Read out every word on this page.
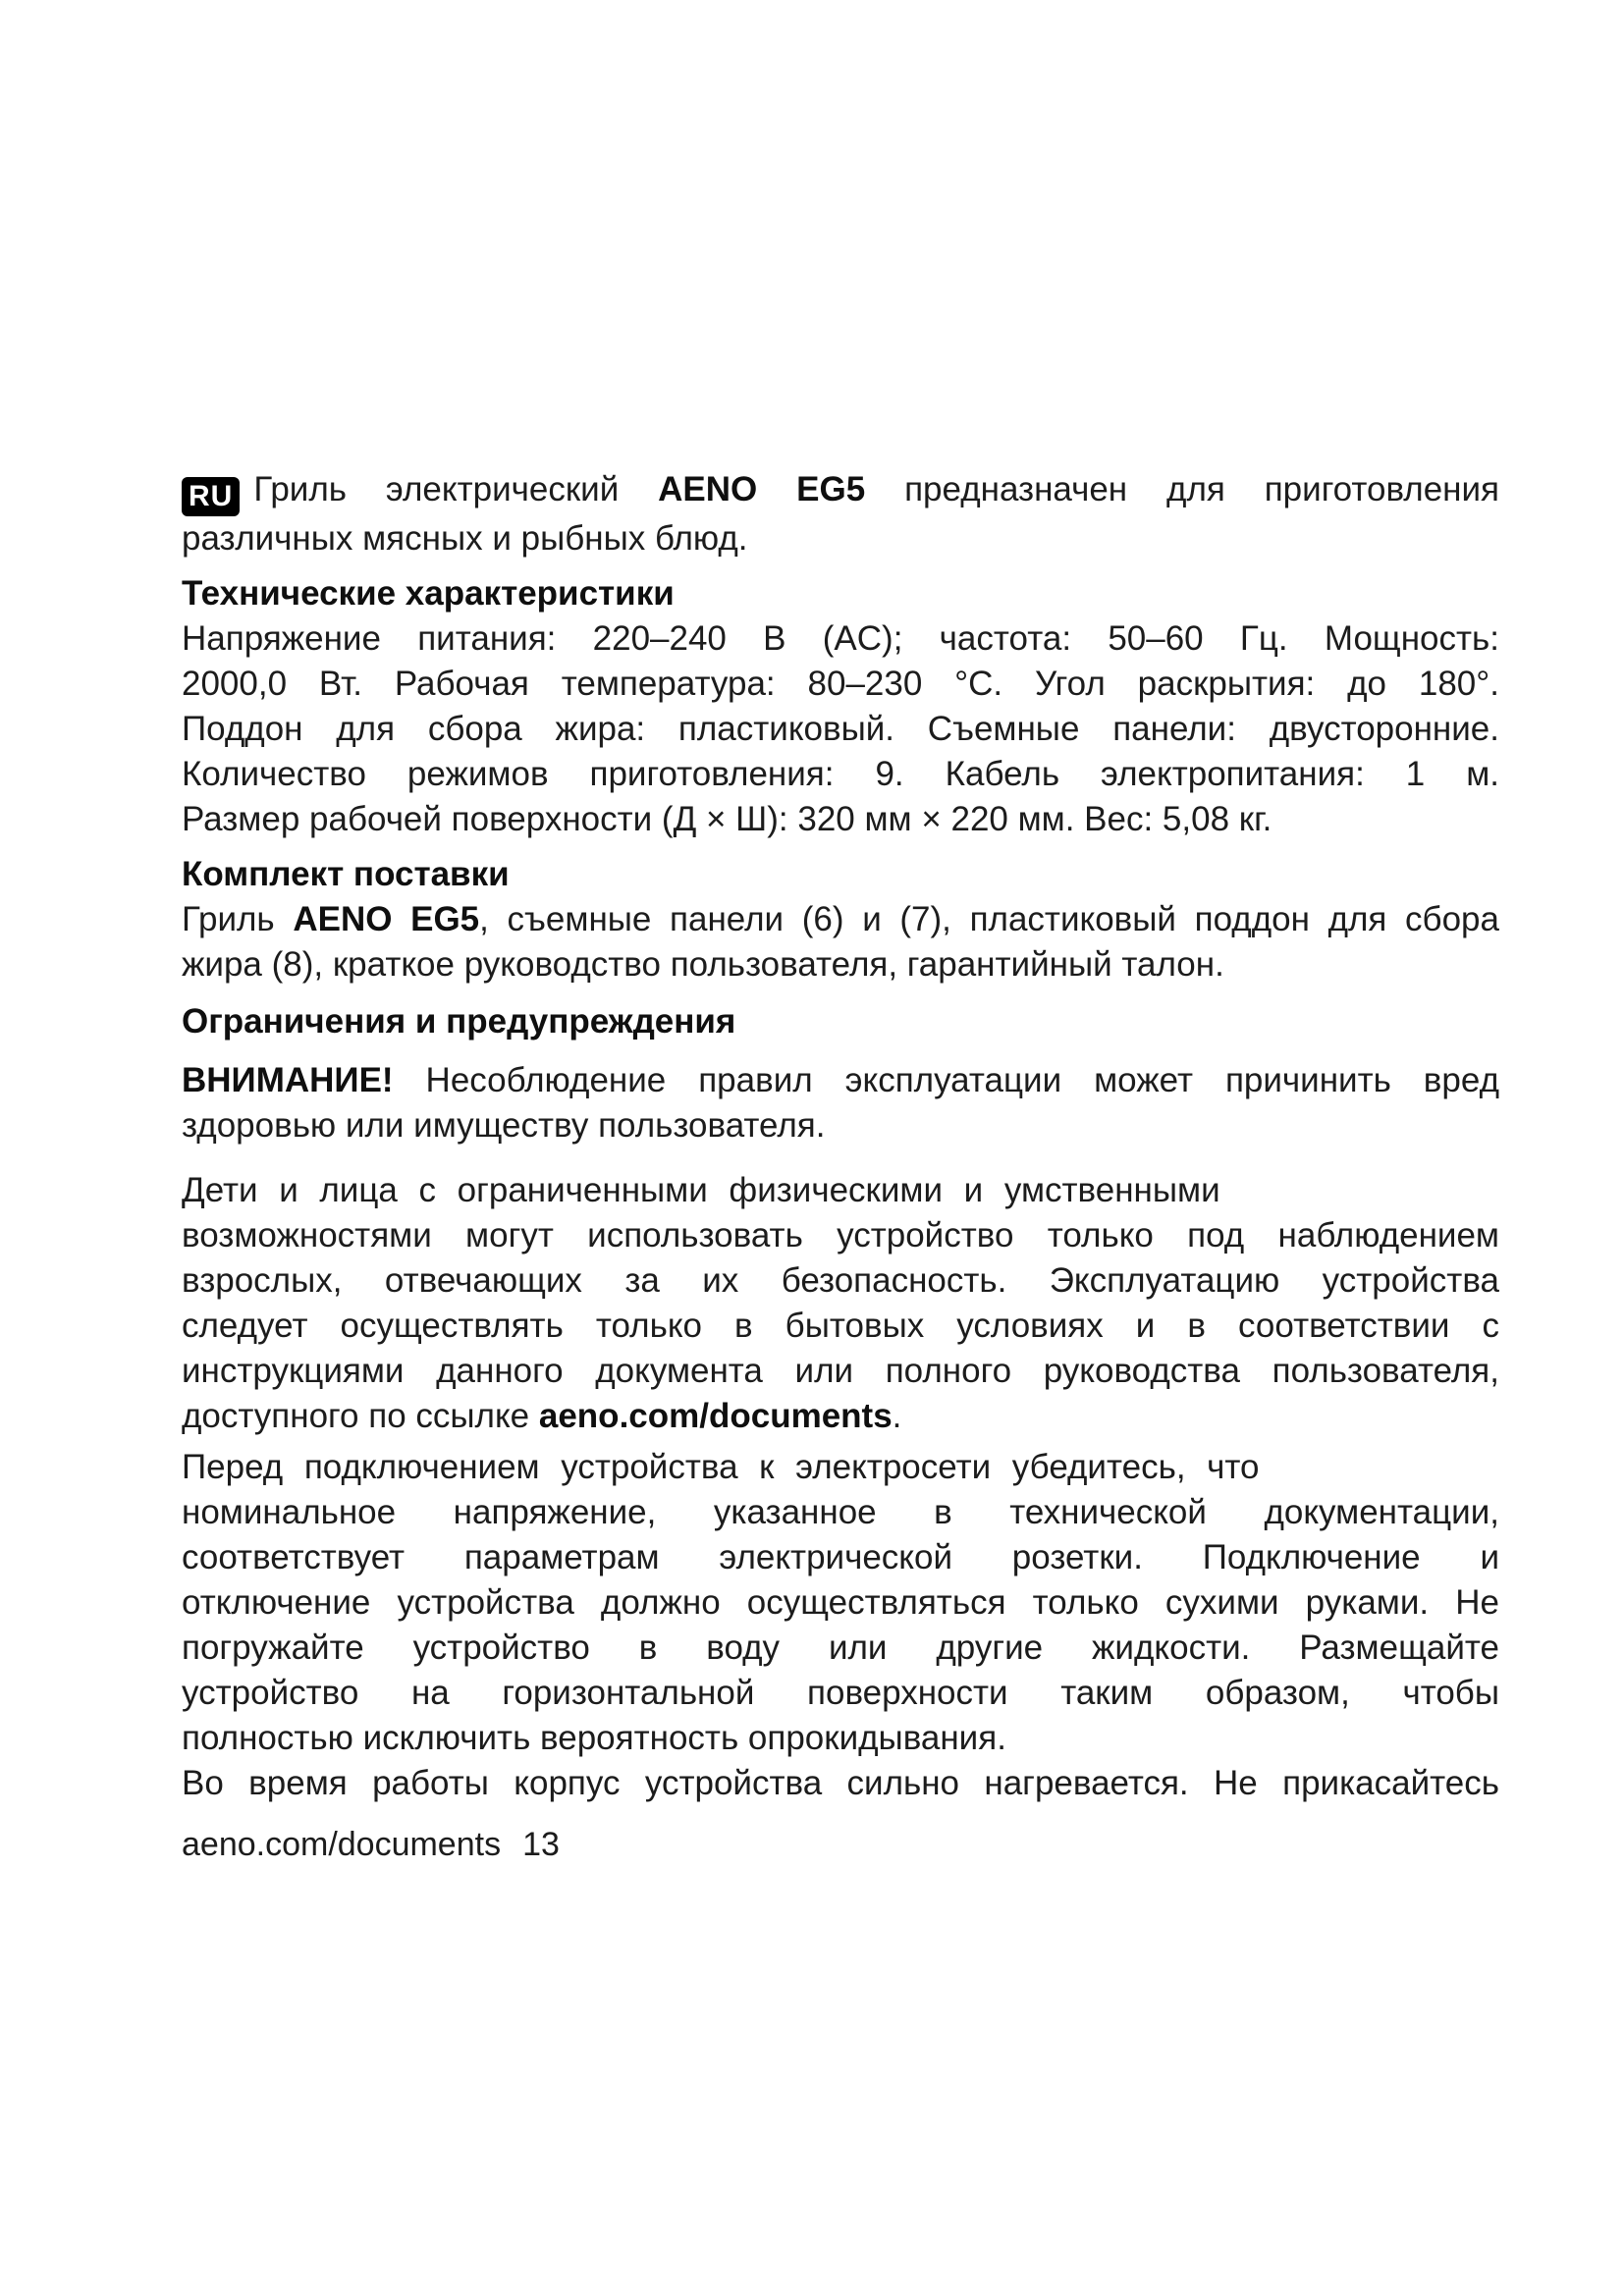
RU Гриль электрический AENO EG5 предназначен для приготовления
различных мясных и рыбных блюд.
Технические характеристики
Напряжение питания: 220–240 В (AC); частота: 50–60 Гц. Мощность:
2000,0 Вт. Рабочая температура: 80–230 °С. Угол раскрытия: до 180°.
Поддон для сбора жира: пластиковый. Съемные панели: двусторонние.
Количество режимов приготовления: 9. Кабель электропитания: 1 м.
Размер рабочей поверхности (Д × Ш): 320 мм × 220 мм. Вес: 5,08 кг.
Комплект поставки
Гриль AENO EG5, съемные панели (6) и (7), пластиковый поддон для сбора
жира (8), краткое руководство пользователя, гарантийный талон.
Ограничения и предупреждения
ВНИМАНИЕ! Несоблюдение правил эксплуатации может причинить вред
здоровью или имуществу пользователя.
Дети и лица с ограниченными физическими и умственными
возможностями могут использовать устройство только под наблюдением
взрослых, отвечающих за их безопасность. Эксплуатацию устройства
следует осуществлять только в бытовых условиях и в соответствии с
инструкциями данного документа или полного руководства пользователя,
доступного по ссылке aeno.com/documents.
Перед подключением устройства к электросети убедитесь, что
номинальное напряжение, указанное в технической документации,
соответствует параметрам электрической розетки. Подключение и
отключение устройства должно осуществляться только сухими руками. Не
погружайте устройство в воду или другие жидкости. Размещайте
устройство на горизонтальной поверхности таким образом, чтобы
полностью исключить вероятность опрокидывания.
Во время работы корпус устройства сильно нагревается. Не прикасайтесь
aeno.com/documents 13
